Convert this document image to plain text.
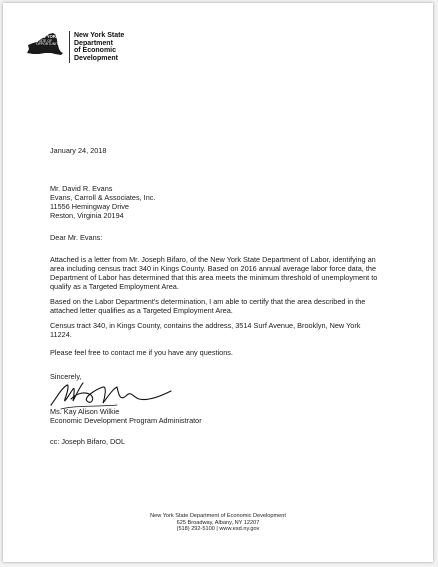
NEW YORK
STATE OF
OPPORTUNITY.
New York State
Department
of Economic
Development
January 24, 2018
Mr. David R. Evans
Evans, Carroll & Associates, Inc.
11556 Hemingway Drive
Reston, Virginia 20194
Dear Mr. Evans:
Attached is a letter from Mr. Joseph Bifaro, of the New York State Department of Labor, identifying an area including census tract 340 in Kings County. Based on 2016 annual average labor force data, the Department of Labor has determined that this area meets the minimum threshold of unemployment to qualify as a Targeted Employment Area.
Based on the Labor Department's determination, I am able to certify that the area described in the attached letter qualifies as a Targeted Employment Area.
Census tract 340, in Kings County, contains the address, 3514 Surf Avenue, Brooklyn, New York 11224.
Please feel free to contact me if you have any questions.
Sincerely,
Ms. Kay Alison Wilkie
Economic Development Program Administrator
cc: Joseph Bifaro, DOL
New York State Department of Economic Development
625 Broadway, Albany, NY 12207
(518) 292-5100 | www.esd.ny.gov
